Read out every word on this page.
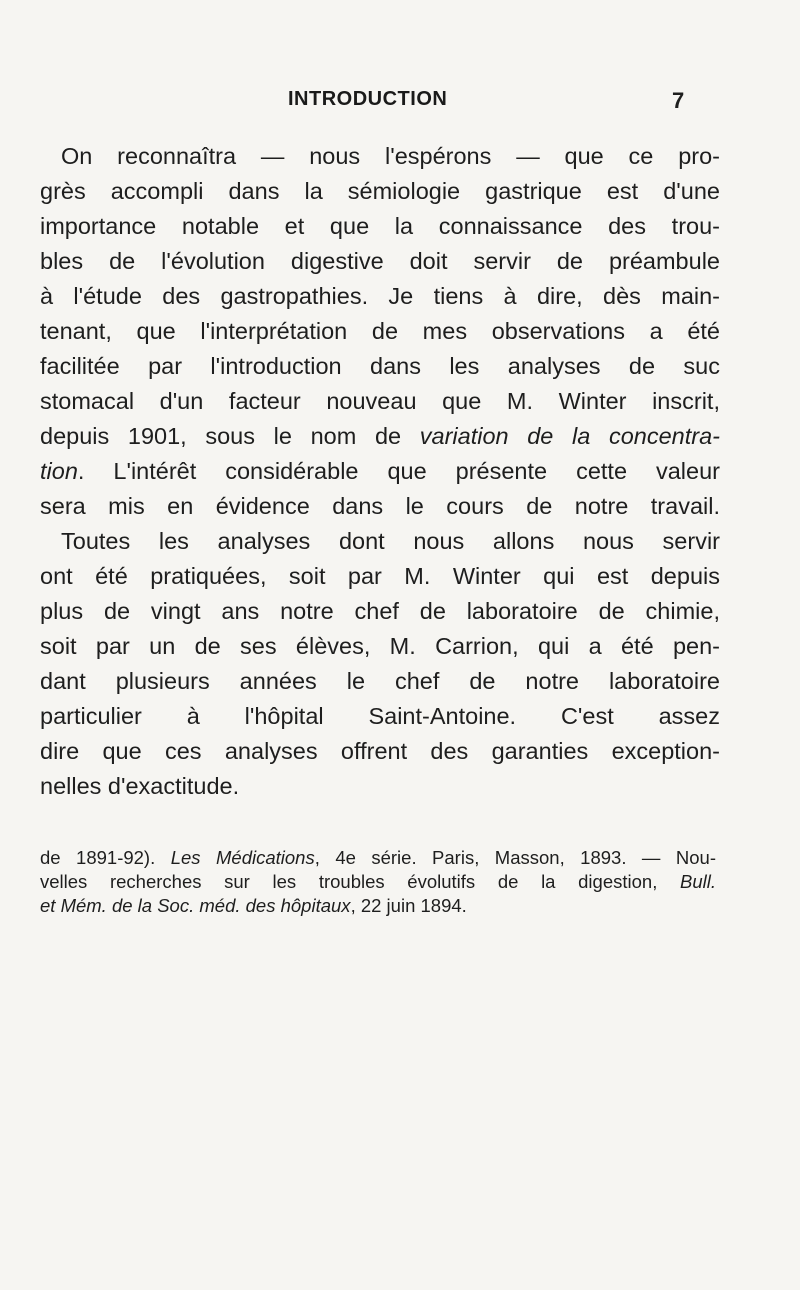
INTRODUCTION	7
On reconnaîtra — nous l'espérons — que ce pro-
grès accompli dans la sémiologie gastrique est d'une
importance notable et que la connaissance des trou-
bles de l'évolution digestive doit servir de préambule
à l'étude des gastropathies. Je tiens à dire, dès main-
tenant, que l'interprétation de mes observations a été
facilitée par l'introduction dans les analyses de suc
stomacal d'un facteur nouveau que M. Winter inscrit,
depuis 1901, sous le nom de variation de la concentra-
tion. L'intérêt considérable que présente cette valeur
sera mis en évidence dans le cours de notre travail.
Toutes les analyses dont nous allons nous servir
ont été pratiquées, soit par M. Winter qui est depuis
plus de vingt ans notre chef de laboratoire de chimie,
soit par un de ses élèves, M. Carrion, qui a été pen-
dant plusieurs années le chef de notre laboratoire
particulier à l'hôpital Saint-Antoine. C'est assez
dire que ces analyses offrent des garanties exception-
nelles d'exactitude.
de 1891-92). Les Médications, 4e série. Paris, Masson, 1893. — Nou-
velles recherches sur les troubles évolutifs de la digestion, Bull.
et Mém. de la Soc. méd. des hôpitaux, 22 juin 1894.
